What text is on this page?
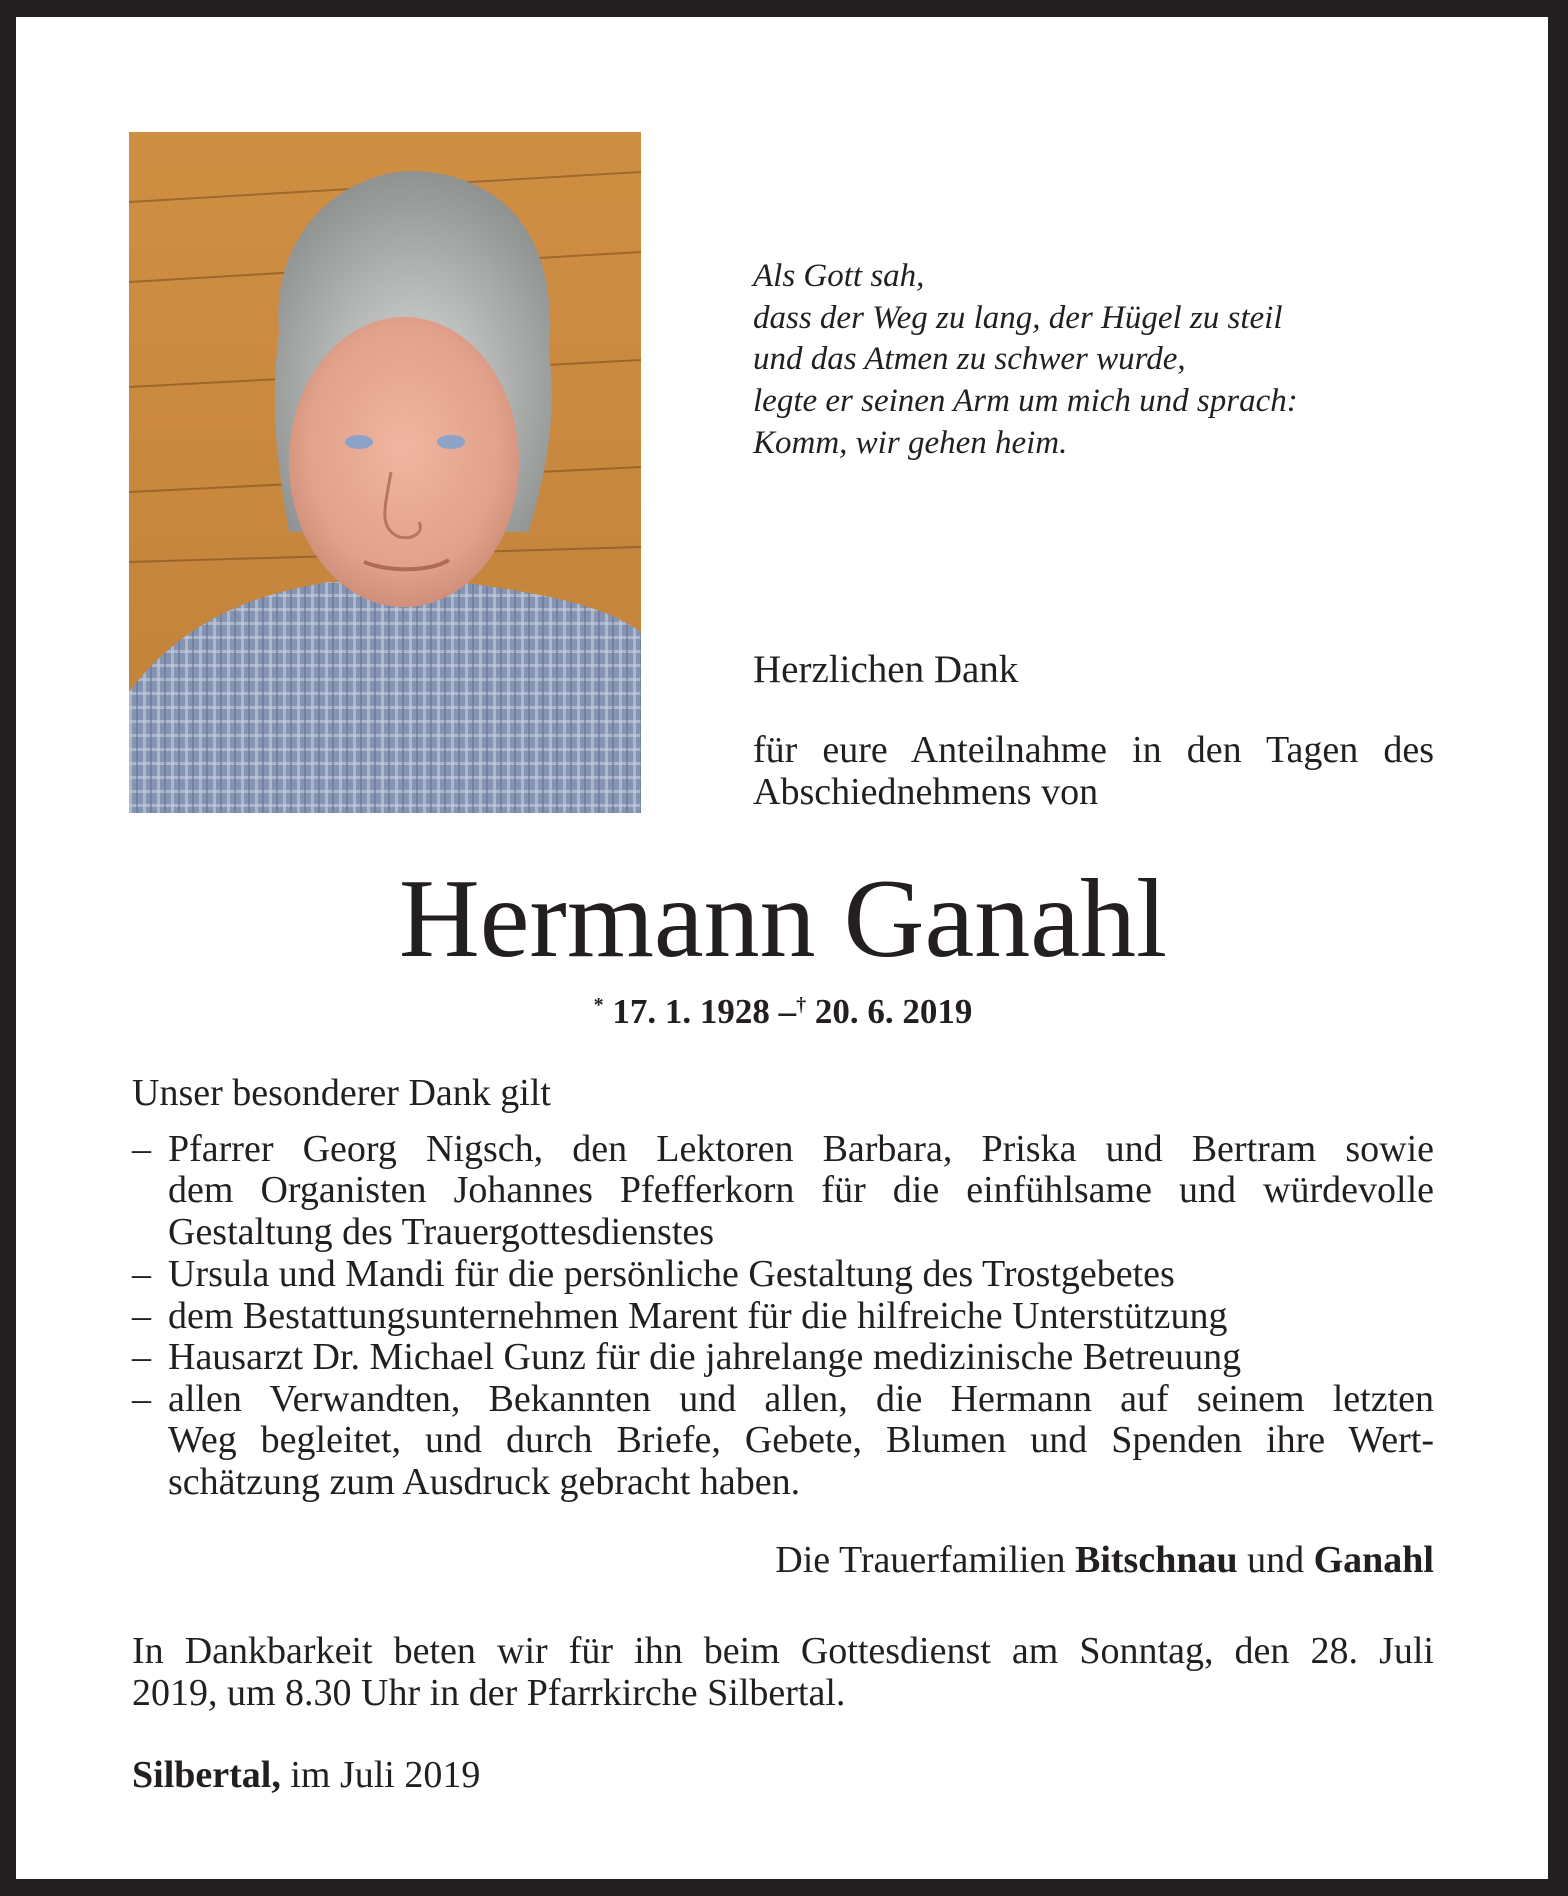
Als Gott sah,
dass der Weg zu lang, der Hügel zu steil
und das Atmen zu schwer wurde,
legte er seinen Arm um mich und sprach:
Komm, wir gehen heim.
Herzlichen Dank
für eure Anteilnahme in den Tagen des
Abschiednehmens von
Hermann Ganahl
* 17. 1. 1928 –† 20. 6. 2019
Unser besonderer Dank gilt
–
–
–
–
–
Pfarrer Georg Nigsch, den Lektoren Barbara, Priska und Bertram sowie
dem Organisten Johannes Pfefferkorn für die einfühlsame und würdevolle
Gestaltung des Trauergottesdienstes
Ursula und Mandi für die persönliche Gestaltung des Trostgebetes
dem Bestattungsunternehmen Marent für die hilfreiche Unterstützung
Hausarzt Dr. Michael Gunz für die jahrelange medizinische Betreuung
allen Verwandten, Bekannten und allen, die Hermann auf seinem letzten
Weg begleitet, und durch Briefe, Gebete, Blumen und Spenden ihre Wert-
schätzung zum Ausdruck gebracht haben.
Die Trauerfamilien Bitschnau und Ganahl
In Dankbarkeit beten wir für ihn beim Gottesdienst am Sonntag, den 28. Juli
2019, um 8.30 Uhr in der Pfarrkirche Silbertal.
Silbertal, im Juli 2019
